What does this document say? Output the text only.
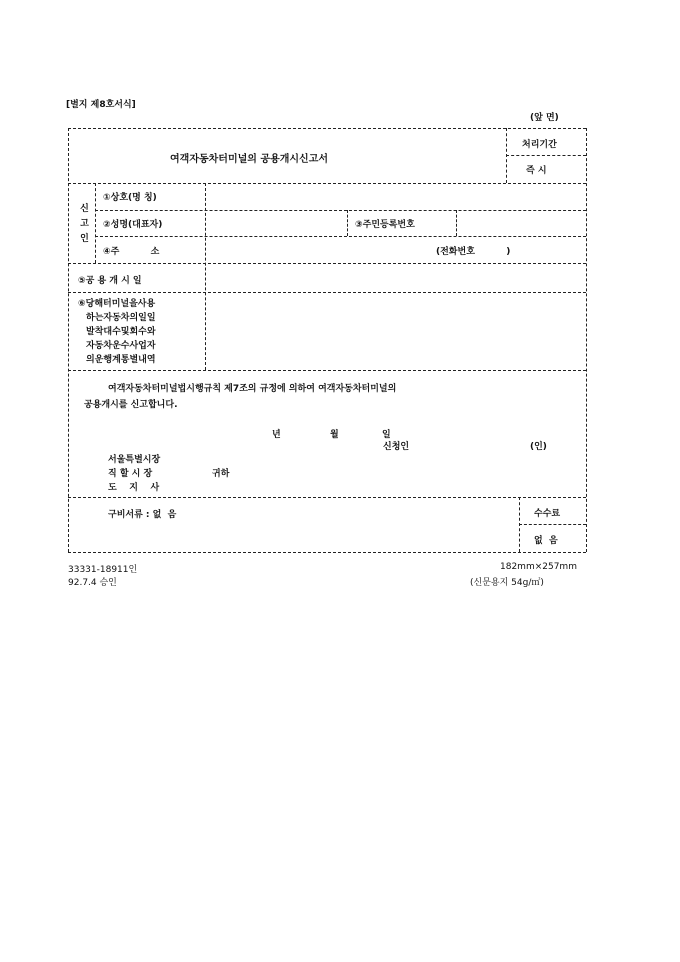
[별지 제8호서식]
(앞 면)
여객자동차터미널의 공용개시신고서
처리기간
즉 시
신고인
①상호(명 칭)
②성명(대표자)	③주민등록번호
④주          소	(전화번호          )
⑤공 용 개 시 일
⑥당해터미널을사용
하는자동차의일일
발착대수및회수와
자동차운수사업자
의운행계통별내역
여객자동차터미널법시행규칙 제7조의 규정에 의하여 여객자동차터미널의
공용개시를 신고합니다.
년	월	일
신청인	(인)
서울특별시장
직 할 시 장	귀하
도    지    사
구비서류 : 없  음	수수료
없  음
33331-18911인
92.7.4 승인
182mm×257mm
(신문용지 54g/㎡)
